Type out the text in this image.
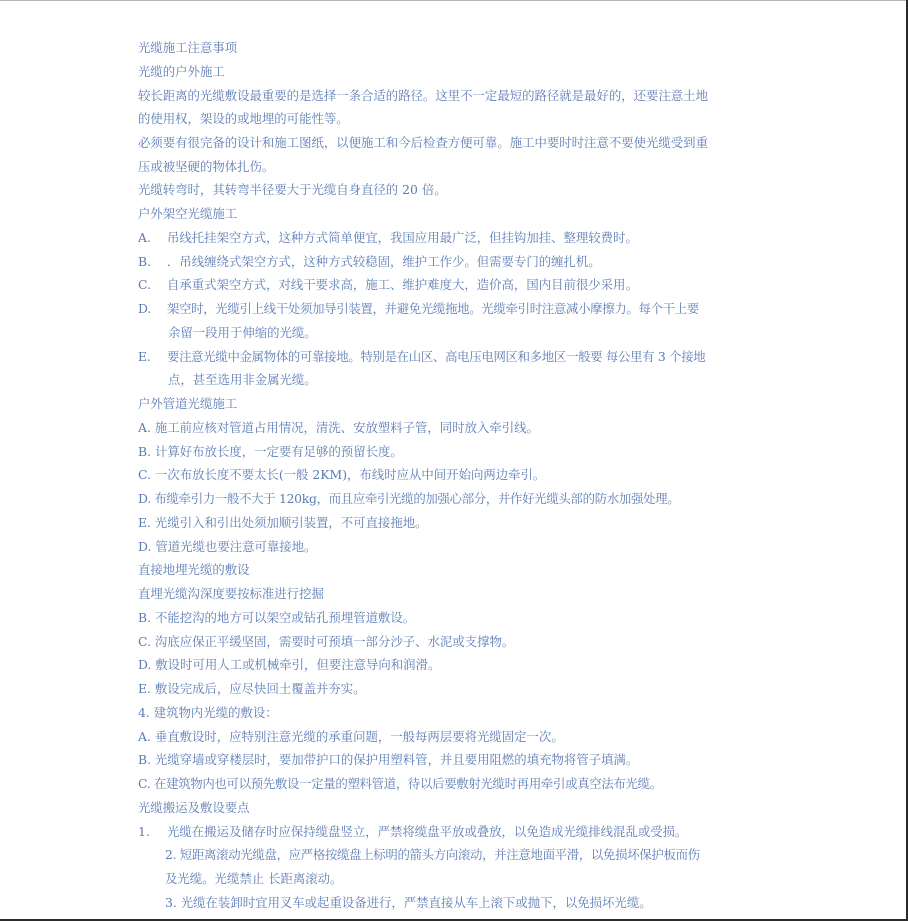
光缆施工注意事项
光缆的户外施工
较长距离的光缆敷设最重要的是选择一条合适的路径。这里不一定最短的路径就是最好的，还要注意土地
的使用权，架设的或地埋的可能性等。
必须要有很完备的设计和施工图纸，以便施工和今后检查方便可靠。施工中要时时注意不要使光缆受到重
压或被坚硬的物体扎伤。
光缆转弯时，其转弯半径要大于光缆自身直径的 20 倍。
户外架空光缆施工
A.	吊线托挂架空方式，这种方式简单便宜，我国应用最广泛，但挂钩加挂、整理较费时。
B.	．吊线缠绕式架空方式，这种方式较稳固，维护工作少。但需要专门的缠扎机。
C.	自承重式架空方式，对线干要求高，施工、维护难度大，造价高，国内目前很少采用。
D.	架空时，光缆引上线干处须加导引装置，并避免光缆拖地。光缆牵引时注意减小摩擦力。每个干上要
余留一段用于伸缩的光缆。
E.	要注意光缆中金属物体的可靠接地。特别是在山区、高电压电网区和多地区一般要 每公里有 3 个接地
点，甚至选用非金属光缆。
户外管道光缆施工
A. 施工前应核对管道占用情况，清洗、安放塑料子管，同时放入牵引线。
B. 计算好布放长度，一定要有足够的预留长度。
C. 一次布放长度不要太长(一般 2KM)，布线时应从中间开始向两边牵引。
D. 布缆牵引力一般不大于 120kg，而且应牵引光缆的加强心部分，并作好光缆头部的防水加强处理。
E. 光缆引入和引出处须加顺引装置，不可直接拖地。
D. 管道光缆也要注意可靠接地。
直接地埋光缆的敷设
直埋光缆沟深度要按标准进行挖掘
B. 不能挖沟的地方可以架空或钻孔预埋管道敷设。
C. 沟底应保正平缓坚固，需要时可预填一部分沙子、水泥或支撑物。
D. 敷设时可用人工或机械牵引，但要注意导向和润滑。
E. 敷设完成后，应尽快回土覆盖并夯实。
4. 建筑物内光缆的敷设：
A. 垂直敷设时，应特别注意光缆的承重问题，一般每两层要将光缆固定一次。
B. 光缆穿墙或穿楼层时，要加带护口的保护用塑料管，并且要用阻燃的填充物将管子填满。
C. 在建筑物内也可以预先敷设一定量的塑料管道，待以后要敷射光缆时再用牵引或真空法布光缆。
光缆搬运及敷设要点
1.	光缆在搬运及储存时应保持缆盘竖立，严禁将缆盘平放或叠放，以免造成光缆排线混乱或受损。
2. 短距离滚动光缆盘，应严格按缆盘上标明的箭头方向滚动，并注意地面平滑，以免损坏保护板而伤
及光缆。光缆禁止 长距离滚动。
3. 光缆在装卸时宜用叉车或起重设备进行，严禁直接从车上滚下或抛下，以免损坏光缆。
